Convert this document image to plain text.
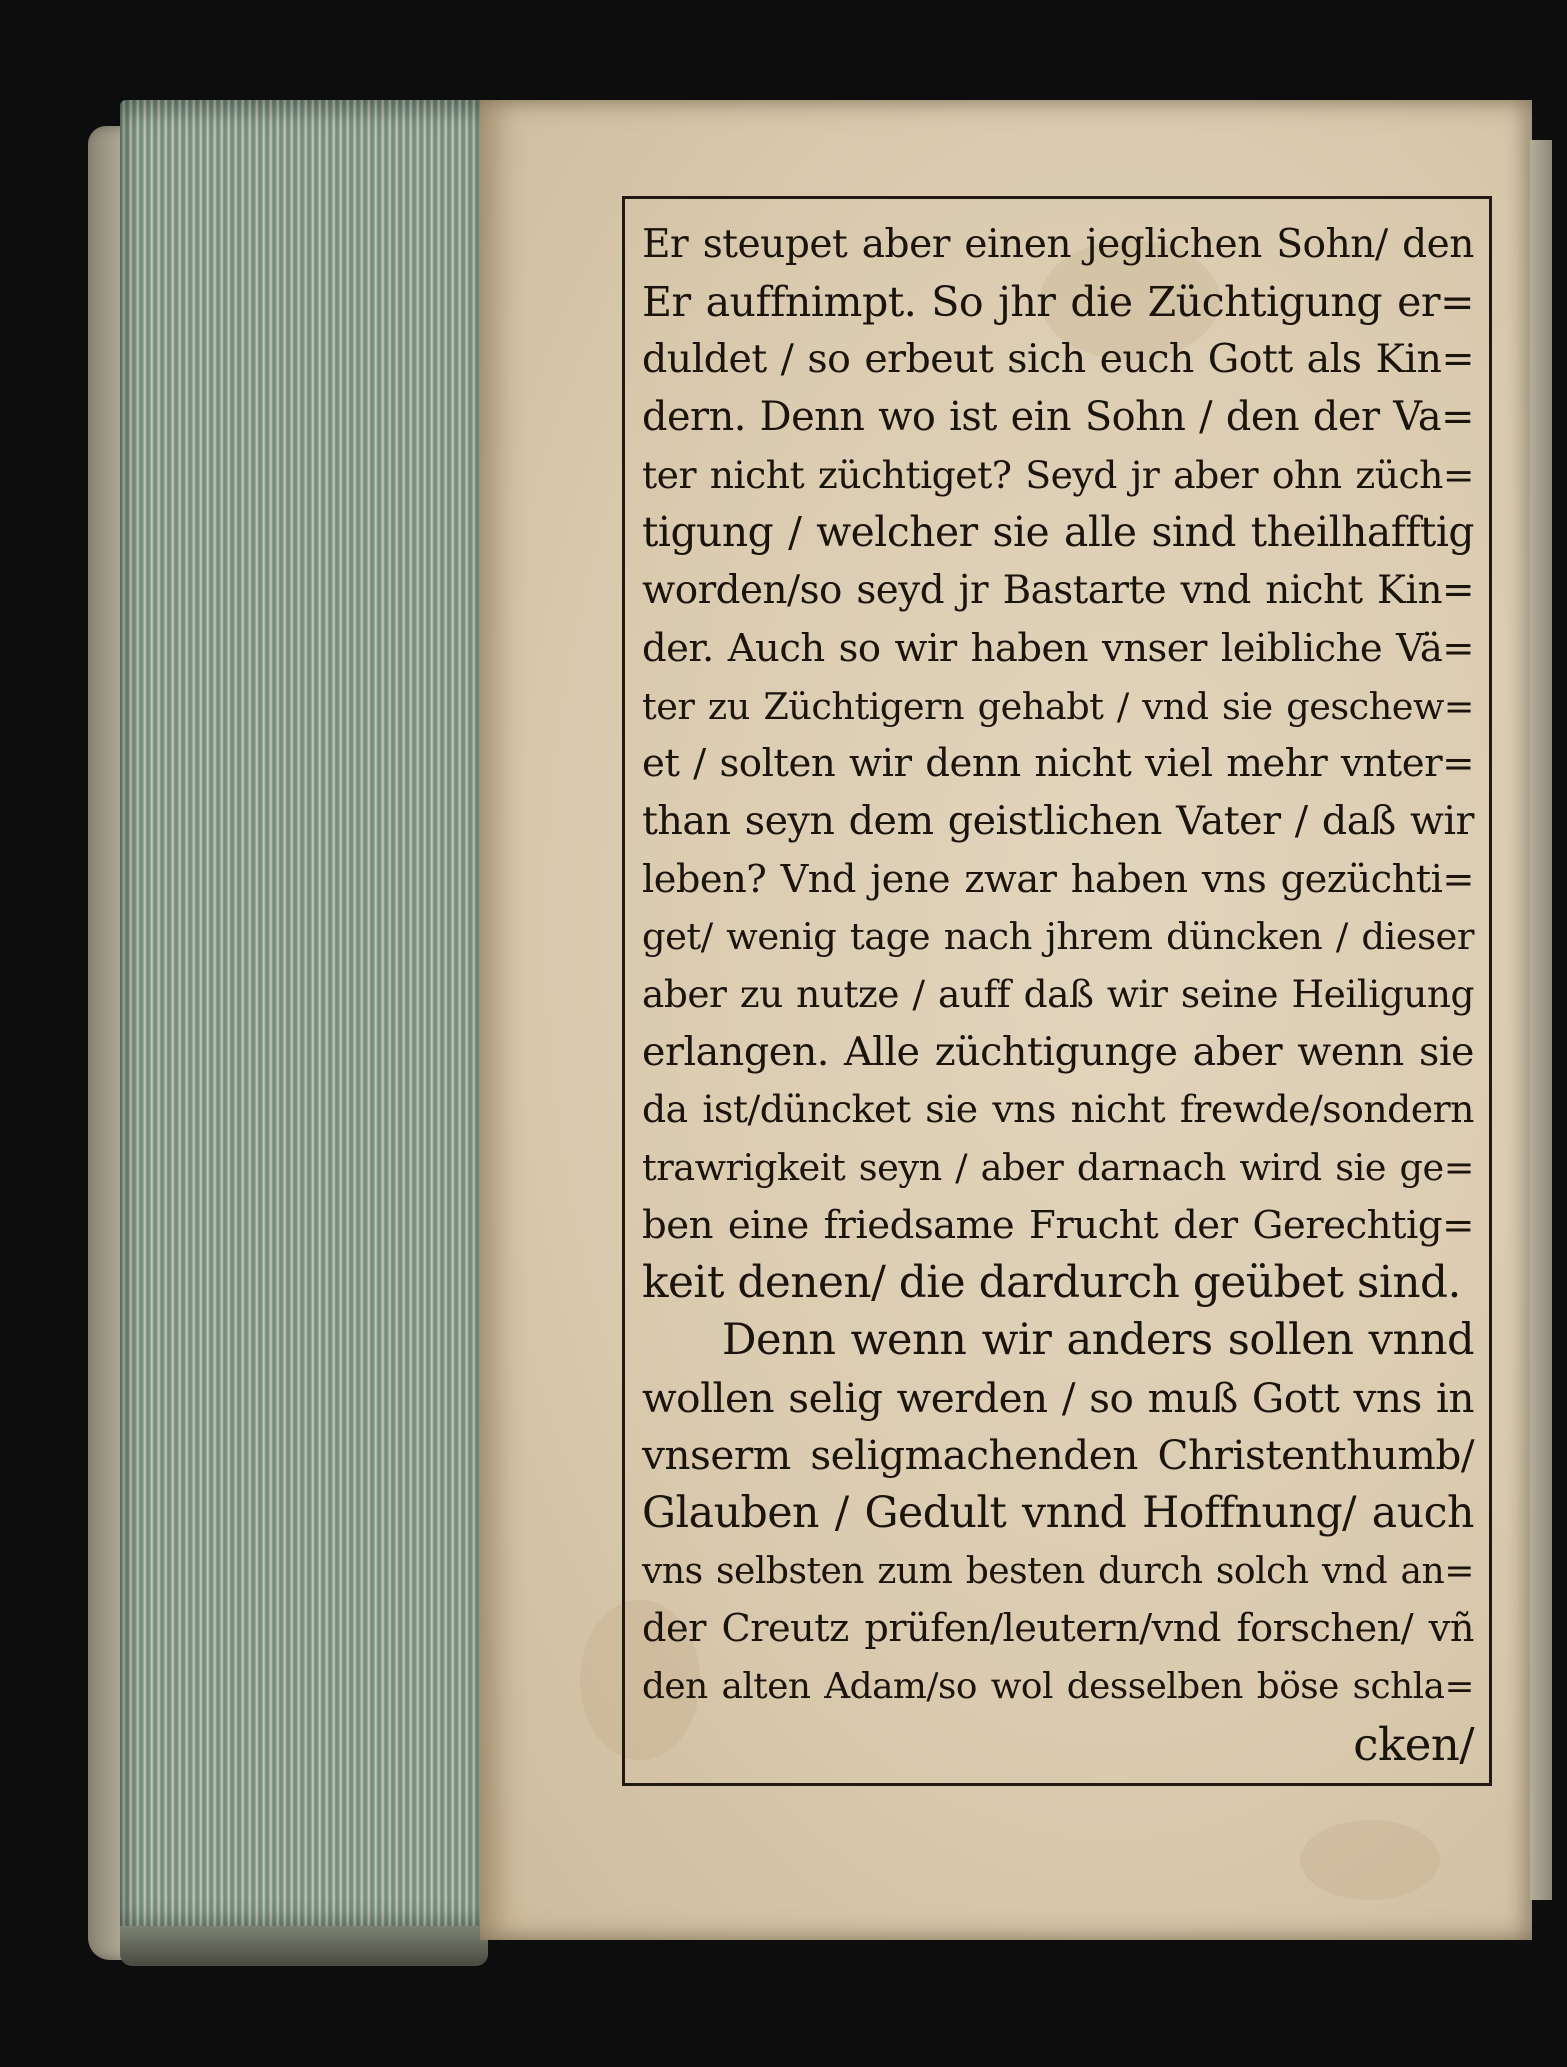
Er steupet aber einen jeglichen Sohn/ den
Er auffnimpt. So jhr die Züchtigung er=
duldet / so erbeut sich euch Gott als Kin=
dern. Denn wo ist ein Sohn / den der Va=
ter nicht züchtiget? Seyd jr aber ohn züch=
tigung / welcher sie alle sind theilhafftig
worden/so seyd jr Bastarte vnd nicht Kin=
der. Auch so wir haben vnser leibliche Vä=
ter zu Züchtigern gehabt / vnd sie geschew=
et / solten wir denn nicht viel mehr vnter=
than seyn dem geistlichen Vater / daß wir
leben? Vnd jene zwar haben vns gezüchti=
get/ wenig tage nach jhrem düncken / dieser
aber zu nutze / auff daß wir seine Heiligung
erlangen. Alle züchtigunge aber wenn sie
da ist/düncket sie vns nicht frewde/sondern
trawrigkeit seyn / aber darnach wird sie ge=
ben eine friedsame Frucht der Gerechtig=
keit denen/ die dardurch geübet sind.
Denn wenn wir anders sollen vnnd
wollen selig werden / so muß Gott vns in
vnserm seligmachenden Christenthumb/
Glauben / Gedult vnnd Hoffnung/ auch
vns selbsten zum besten durch solch vnd an=
der Creutz prüfen/leutern/vnd forschen/ vñ
den alten Adam/so wol desselben böse schla=
cken/
